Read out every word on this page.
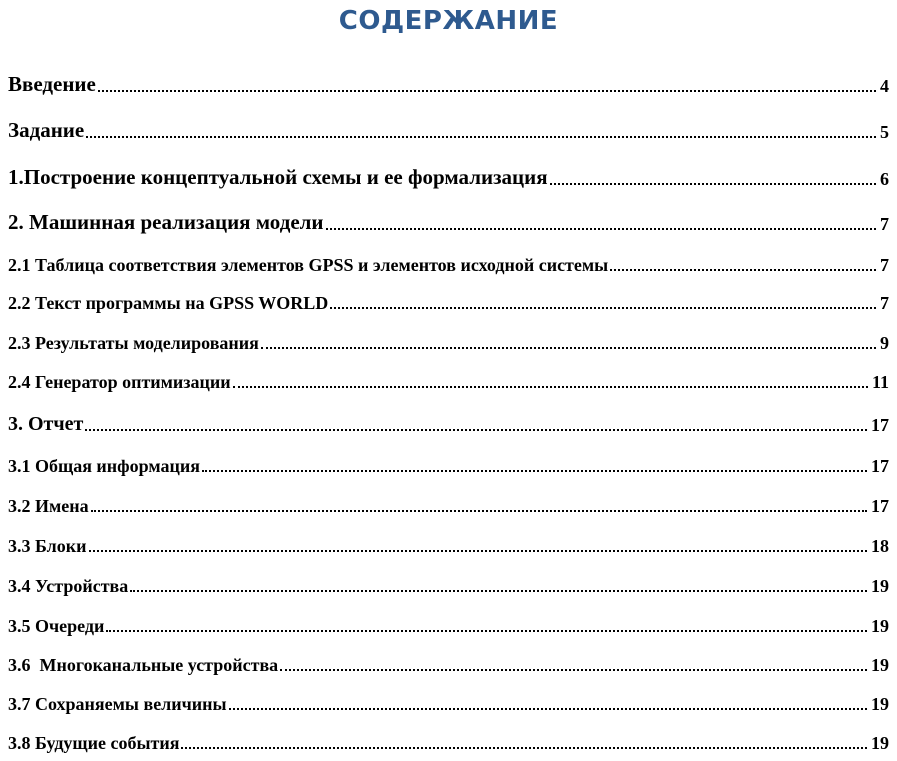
СОДЕРЖАНИЕ
Введение	4
Задание	5
1.Построение концептуальной схемы и ее формализация	6
2. Машинная реализация модели	7
2.1 Таблица соответствия элементов GPSS и элементов исходной системы	7
2.2 Текст программы на GPSS WORLD	7
2.3 Результаты моделирования	9
2.4 Генератор оптимизации	11
3. Отчет	17
3.1 Общая информация	17
3.2 Имена	17
3.3 Блоки	18
3.4 Устройства	19
3.5 Очереди	19
3.6  Многоканальные устройства	19
3.7 Сохраняемы величины	19
3.8 Будущие события	19
